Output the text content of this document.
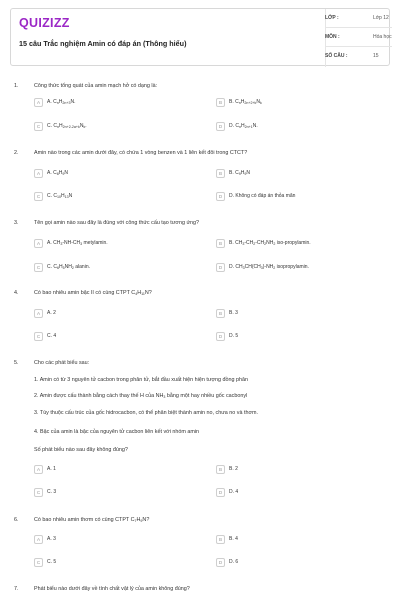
QUIZIZZ
15 câu Trắc nghiệm Amin có đáp án (Thông hiểu)
LỚP :	Lớp 12
MÔN :	Hóa học
SỐ CÂU :	15
1.	Công thức tổng quát của amin mạch hở có dạng là:
A	A. $C_nH_{2n+3}N$.	B	B. $C_nH_{2n+2+k}N_k$
C	C. $C_nH_{2n+2-2a+k}N_k$.	D	D. $C_nH_{2n+1}N$.
2.	Amin nào trong các amin dưới đây, có chứa 1 vòng benzen và 1 liên kết đôi trong CTCT?
A	A. $C_8H_9N$	B	B. $C_9H_9N$
C	C. $C_{10}H_{13}N$	D	D. Không có đáp án thỏa mãn
3.	Tên gọi amin nào sau đây là đúng với công thức cấu tạo tương ứng?
A	A. $CH_3-NH-CH_3$ metylamin.	B	B. $CH_3-CH_2-CH_2NH_2$ iso-propylamin.
C	C. $C_6H_5NH_2$ alanin.	D	D. $CH_3CH(CH_3)-NH_2$ isopropylamin.
4.	Có bao nhiêu amin bậc II có cùng CTPT $C_4H_{11}N$?
A	A. 2	B	B. 3
C	C. 4	D	D. 5
5.	Cho các phát biểu sau:
1. Amin có từ 3 nguyên tử cacbon trong phân tử, bắt đầu xuất hiện hiện tượng đồng phân
2. Amin được cấu thành bằng cách thay thế H của $NH_3$ bằng một hay nhiều gốc cacbonyl
3. Tùy thuộc cấu trúc của gốc hidrocacbon, có thể phân biệt thành amin no, chưa no và thơm.
4. Bậc của amin là bậc của nguyên tử cacbon liên kết với nhóm amin
Số phát biểu nào sau đây không đúng?
A	A. 1	B	B. 2
C	C. 3	D	D. 4
6.	Có bao nhiêu amin thơm có cùng CTPT $C_7H_9N$?
A	A. 3	B	B. 4
C	C. 5	D	D. 6
7.	Phát biểu nào dưới đây về tính chất vật lý của amin không đúng?
